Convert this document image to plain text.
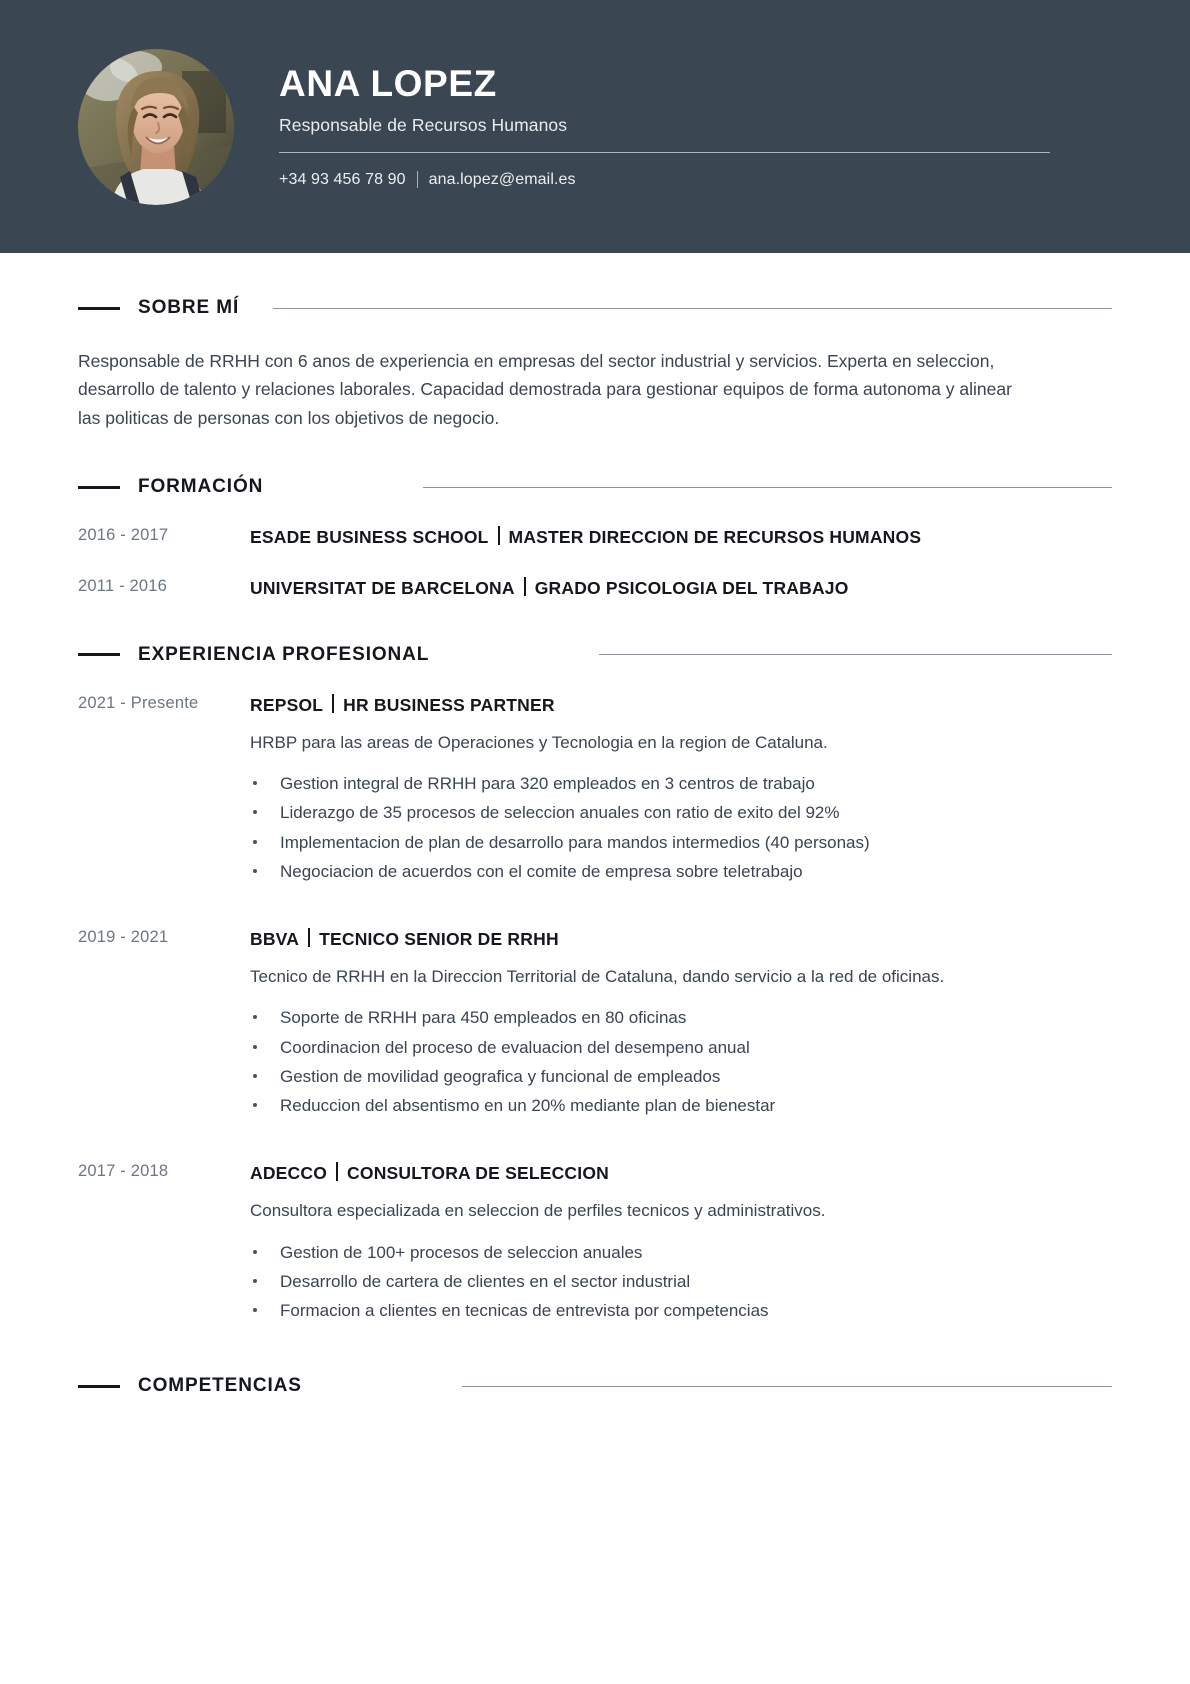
ANA LOPEZ
Responsable de Recursos Humanos
+34 93 456 78 90 ana.lopez@email.es
SOBRE MÍ

Responsable de RRHH con 6 anos de experiencia en empresas del sector industrial y servicios. Experta en seleccion, desarrollo de talento y relaciones laborales. Capacidad demostrada para gestionar equipos de forma autonoma y alinear las politicas de personas con los objetivos de negocio.

FORMACIÓN
2016 - 2017	ESADE BUSINESS SCHOOL MASTER DIRECCION DE RECURSOS HUMANOS
2011 - 2016	UNIVERSITAT DE BARCELONA GRADO PSICOLOGIA DEL TRABAJO
EXPERIENCIA PROFESIONAL
2021 - Presente	REPSOL HR BUSINESS PARTNER
HRBP para las areas de Operaciones y Tecnologia en la region de Cataluna.
Gestion integral de RRHH para 320 empleados en 3 centros de trabajo
Liderazgo de 35 procesos de seleccion anuales con ratio de exito del 92%
Implementacion de plan de desarrollo para mandos intermedios (40 personas)
Negociacion de acuerdos con el comite de empresa sobre teletrabajo
2019 - 2021	BBVA TECNICO SENIOR DE RRHH
Tecnico de RRHH en la Direccion Territorial de Cataluna, dando servicio a la red de oficinas.
Soporte de RRHH para 450 empleados en 80 oficinas
Coordinacion del proceso de evaluacion del desempeno anual
Gestion de movilidad geografica y funcional de empleados
Reduccion del absentismo en un 20% mediante plan de bienestar
2017 - 2018	ADECCO CONSULTORA DE SELECCION
Consultora especializada en seleccion de perfiles tecnicos y administrativos.
Gestion de 100+ procesos de seleccion anuales
Desarrollo de cartera de clientes en el sector industrial
Formacion a clientes en tecnicas de entrevista por competencias
COMPETENCIAS
